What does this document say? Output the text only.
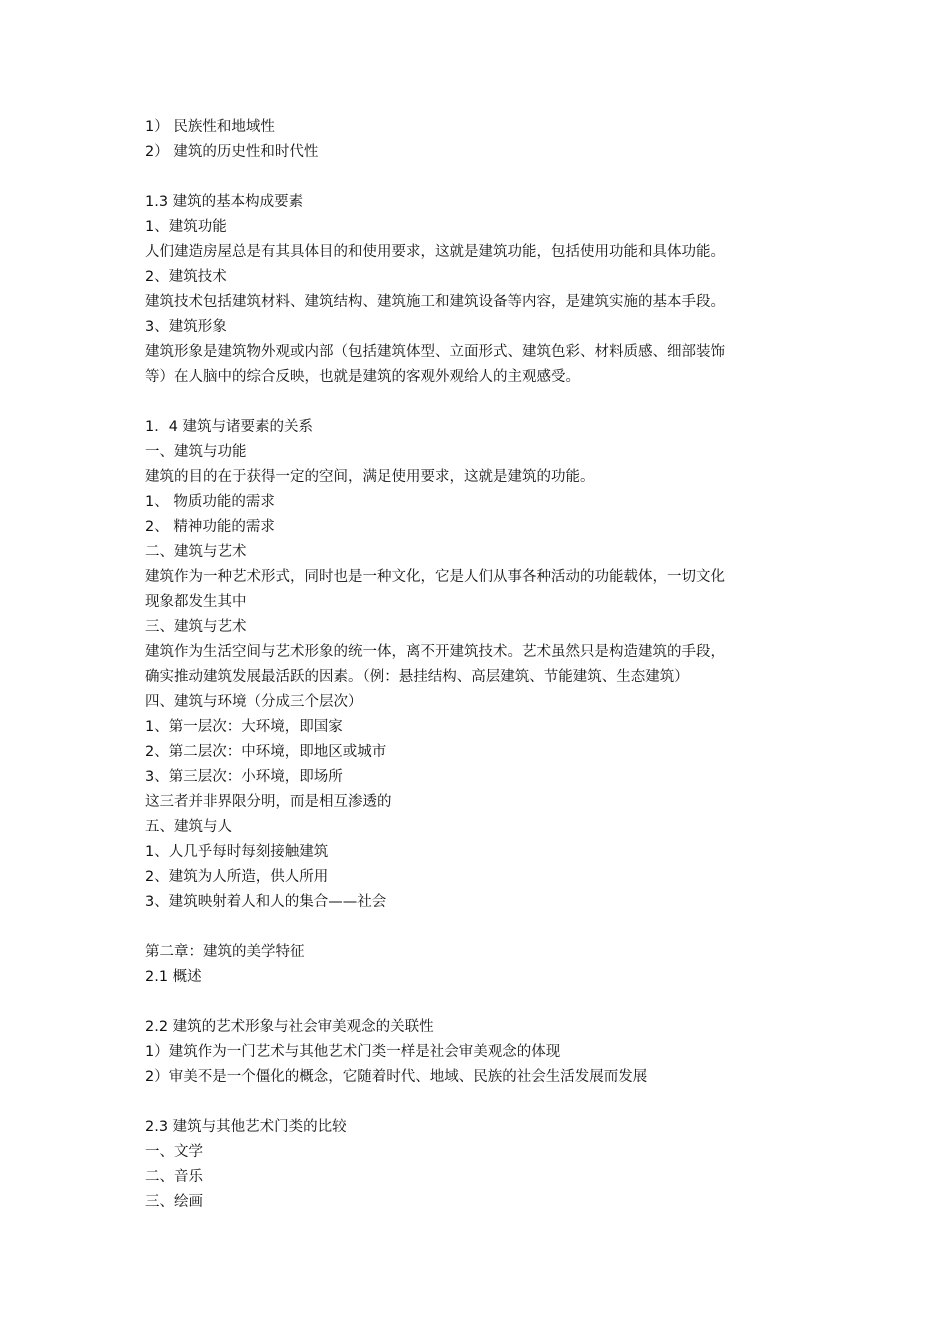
1） 民族性和地域性
2） 建筑的历史性和时代性
1.3 建筑的基本构成要素
1、建筑功能
人们建造房屋总是有其具体目的和使用要求，这就是建筑功能，包括使用功能和具体功能。
2、建筑技术
建筑技术包括建筑材料、建筑结构、建筑施工和建筑设备等内容，是建筑实施的基本手段。
3、建筑形象
建筑形象是建筑物外观或内部（包括建筑体型、立面形式、建筑色彩、材料质感、细部装饰
等）在人脑中的综合反映，也就是建筑的客观外观给人的主观感受。
1．4 建筑与诸要素的关系
一、建筑与功能
建筑的目的在于获得一定的空间，满足使用要求，这就是建筑的功能。
1、 物质功能的需求
2、 精神功能的需求
二、建筑与艺术
建筑作为一种艺术形式，同时也是一种文化，它是人们从事各种活动的功能载体，一切文化
现象都发生其中
三、建筑与艺术
建筑作为生活空间与艺术形象的统一体，离不开建筑技术。艺术虽然只是构造建筑的手段，
确实推动建筑发展最活跃的因素。（例：悬挂结构、高层建筑、节能建筑、生态建筑）
四、建筑与环境（分成三个层次）
1、第一层次：大环境，即国家
2、第二层次：中环境，即地区或城市
3、第三层次：小环境，即场所
这三者并非界限分明，而是相互渗透的
五、建筑与人
1、人几乎每时每刻接触建筑
2、建筑为人所造，供人所用
3、建筑映射着人和人的集合——社会
第二章：建筑的美学特征
2.1 概述
2.2 建筑的艺术形象与社会审美观念的关联性
1）建筑作为一门艺术与其他艺术门类一样是社会审美观念的体现
2）审美不是一个僵化的概念，它随着时代、地域、民族的社会生活发展而发展
2.3 建筑与其他艺术门类的比较
一、文学
二、音乐
三、绘画
